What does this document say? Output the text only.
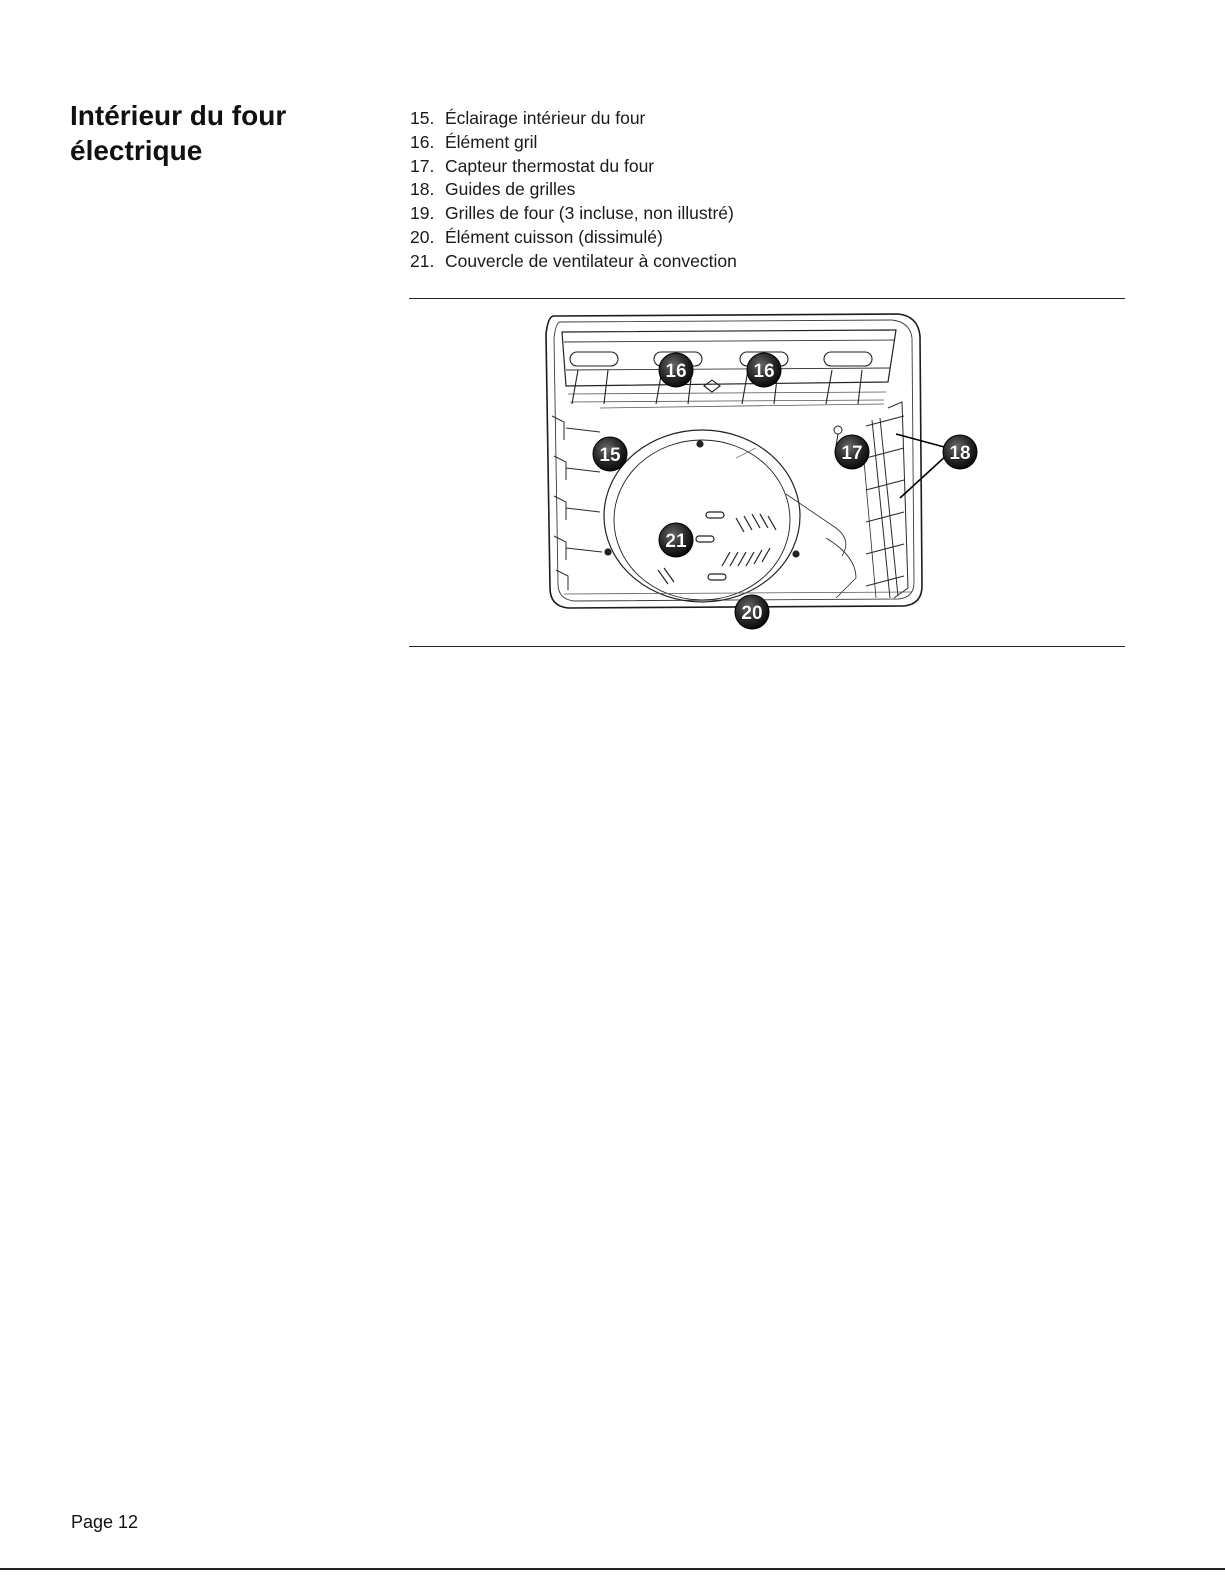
Intérieur du four
électrique
15. Éclairage intérieur du four
16. Élément gril
17. Capteur thermostat du four
18. Guides de grilles
19. Grilles de four (3 incluse, non illustré)
20. Élément cuisson (dissimulé)
21. Couvercle de ventilateur à convection
15
16	16
17	18
20
21

Page 12
